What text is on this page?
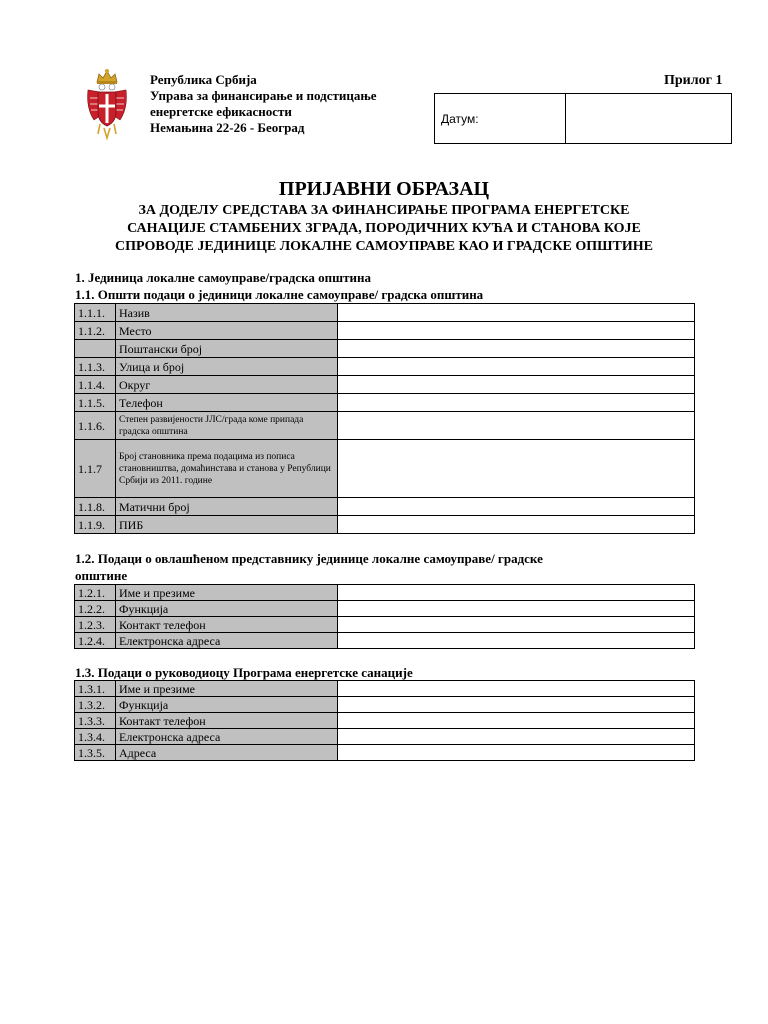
Република Србија
Управа за финансирање и подстицање
енергетске ефикасности
Немањина 22-26 - Београд
Прилог 1
Датум:
ПРИЈАВНИ ОБРАЗАЦ
ЗА ДОДЕЛУ СРЕДСТАВА ЗА ФИНАНСИРАЊЕ ПРОГРАМА ЕНЕРГЕТСКЕ
САНАЦИЈЕ СТАМБЕНИХ ЗГРАДА, ПОРОДИЧНИХ КУЋА И СТАНОВА КОЈЕ
СПРОВОДЕ ЈЕДИНИЦЕ ЛОКАЛНЕ САМОУПРАВЕ КАО И ГРАДСКЕ ОПШТИНЕ
1. Јединица локалне самоуправе/градска општина
1.1. Општи подаци о јединици локалне самоуправе/ градска општина
1.1.1.	Назив	
1.1.2.	Место	
	Поштански број	
1.1.3.	Улица и број	
1.1.4.	Округ	
1.1.5.	Телефон	
1.1.6.	Степен развијености ЈЛС/града коме припада градска општина	
1.1.7	Број становника према подацима из пописа становништва, домаћинстава и станова у Републици Србији из 2011. године	
1.1.8.	Матични број	
1.1.9.	ПИБ	
1.2. Подаци о овлашћеном представнику јединице локалне самоуправе/ градске
општине
1.2.1.	Име и презиме	
1.2.2.	Функција	
1.2.3.	Контакт телефон	
1.2.4.	Електронска адреса	
1.3. Подаци о руководиоцу Програма енергетске санације
1.3.1.	Име и презиме	
1.3.2.	Функција	
1.3.3.	Контакт телефон	
1.3.4.	Електронска адреса	
1.3.5.	Адреса	
